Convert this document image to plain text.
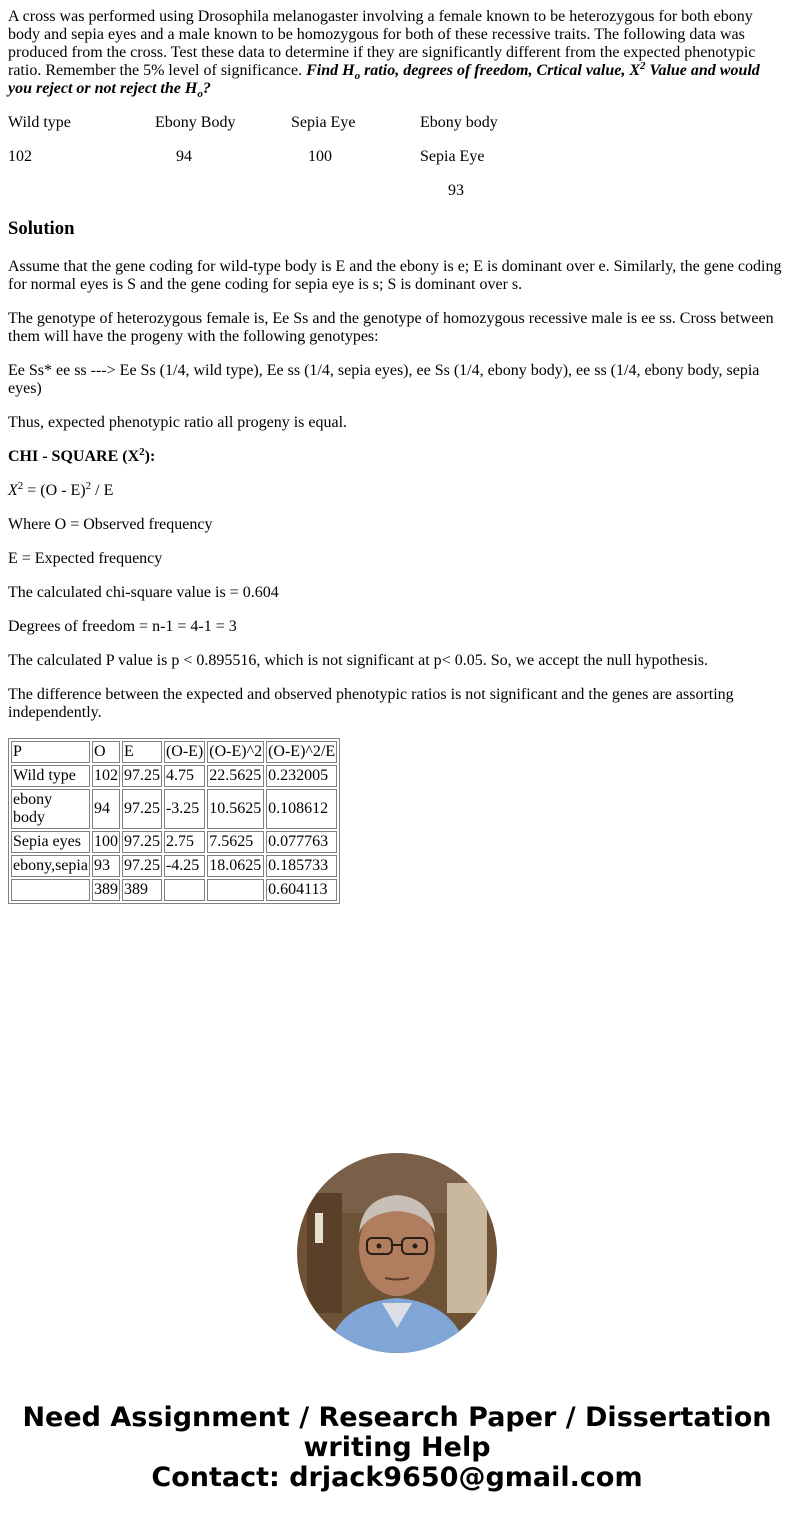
A cross was performed using Drosophila melanogaster involving a female known to be heterozygous for both ebony body and sepia eyes and a male known to be homozygous for both of these recessive traits. The following data was produced from the cross. Test these data to determine if they are significantly different from the expected phenotypic ratio. Remember the 5% level of significance. Find $H_o$ ratio, degrees of freedom, Crtical value, $X^2$ Value and would you reject or not reject the $H_o$?

Wild type	Ebony Body	Sepia Eye	Ebony body
102	94	100	Sepia Eye
93
Solution

Assume that the gene coding for wild-type body is E and the ebony is e; E is dominant over e. Similarly, the gene coding for normal eyes is S and the gene coding for sepia eye is s; S is dominant over s.

The genotype of heterozygous female is, Ee Ss and the genotype of homozygous recessive male is ee ss. Cross between them will have the progeny with the following genotypes:

Ee Ss* ee ss ---> Ee Ss (1/4, wild type), Ee ss (1/4, sepia eyes), ee Ss (1/4, ebony body), ee ss (1/4, ebony body, sepia eyes)

Thus, expected phenotypic ratio all progeny is equal.

CHI - SQUARE $(X^2)$:

$X^2 = (O - E)^2 / E$

Where O = Observed frequency

E = Expected frequency

The calculated chi-square value is = 0.604

Degrees of freedom = n-1 = 4-1 = 3

The calculated P value is p < 0.895516, which is not significant at p< 0.05. So, we accept the null hypothesis.

The difference between the expected and observed phenotypic ratios is not significant and the genes are assorting independently.

P	O	E	(O-E)	(O-E)^2	(O-E)^2/E
Wild type	102	97.25	4.75	22.5625	0.232005
ebony body	94	97.25	-3.25	10.5625	0.108612
Sepia eyes	100	97.25	2.75	7.5625	0.077763
ebony,sepia	93	97.25	-4.25	18.0625	0.185733
	389	389			0.604113
Need Assignment / Research Paper / Dissertation
writing Help
Contact: drjack9650@gmail.com
